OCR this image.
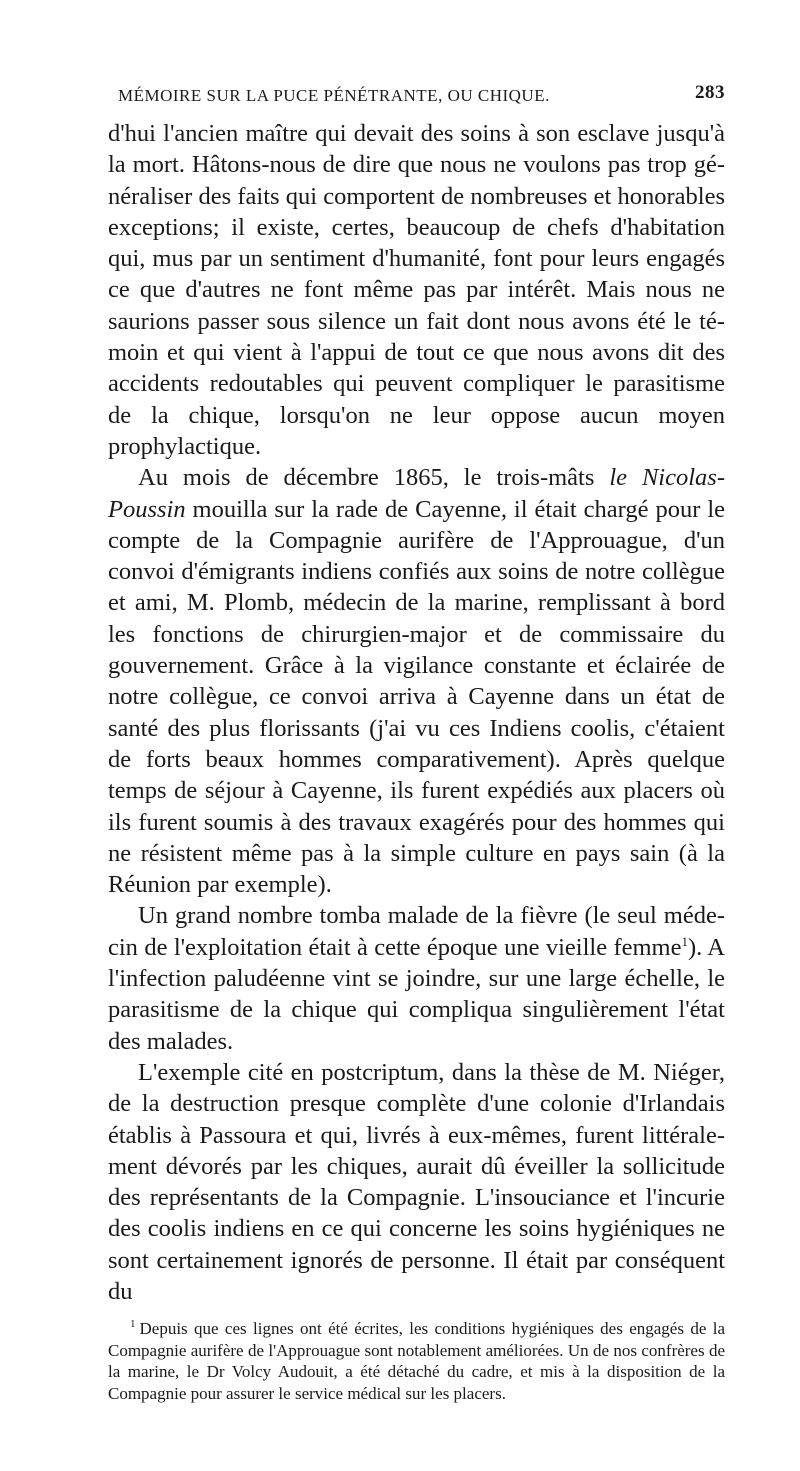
MÉMOIRE SUR LA PUCE PÉNÉTRANTE, OU CHIQUE.	283

d'hui l'ancien maître qui devait des soins à son esclave jusqu'à la mort. Hâtons-nous de dire que nous ne voulons pas trop généraliser des faits qui comportent de nombreuses et honorables exceptions; il existe, certes, beaucoup de chefs d'habitation qui, mus par un sentiment d'humanité, font pour leurs engagés ce que d'autres ne font même pas par intérêt. Mais nous ne saurions passer sous silence un fait dont nous avons été le témoin et qui vient à l'appui de tout ce que nous avons dit des accidents redoutables qui peuvent compliquer le parasitisme de la chique, lorsqu'on ne leur oppose aucun moyen prophylactique.

Au mois de décembre 1865, le trois-mâts le Nicolas-Poussin mouilla sur la rade de Cayenne, il était chargé pour le compte de la Compagnie aurifère de l'Approuague, d'un convoi d'émigrants indiens confiés aux soins de notre collègue et ami, M. Plomb, médecin de la marine, remplissant à bord les fonctions de chirurgien-major et de commissaire du gouvernement. Grâce à la vigilance constante et éclairée de notre collègue, ce convoi arriva à Cayenne dans un état de santé des plus florissants (j'ai vu ces Indiens coolis, c'étaient de forts beaux hommes comparativement). Après quelque temps de séjour à Cayenne, ils furent expédiés aux placers où ils furent soumis à des travaux exagérés pour des hommes qui ne résistent même pas à la simple culture en pays sain (à la Réunion par exemple).

Un grand nombre tomba malade de la fièvre (le seul médecin de l'exploitation était à cette époque une vieille femme$^1$). A l'infection paludéenne vint se joindre, sur une large échelle, le parasitisme de la chique qui compliqua singulièrement l'état des malades.

L'exemple cité en postcriptum, dans la thèse de M. Niéger, de la destruction presque complète d'une colonie d'Irlandais établis à Passoura et qui, livrés à eux-mêmes, furent littéralement dévorés par les chiques, aurait dû éveiller la sollicitude des représentants de la Compagnie. L'insouciance et l'incurie des coolis indiens en ce qui concerne les soins hygiéniques ne sont certainement ignorés de personne. Il était par conséquent du

$^1$ Depuis que ces lignes ont été écrites, les conditions hygiéniques des engagés de la Compagnie aurifère de l'Approuague sont notablement améliorées. Un de nos confrères de la marine, le Dr Volcy Audouit, a été détaché du cadre, et mis à la disposition de la Compagnie pour assurer le service médical sur les placers.
